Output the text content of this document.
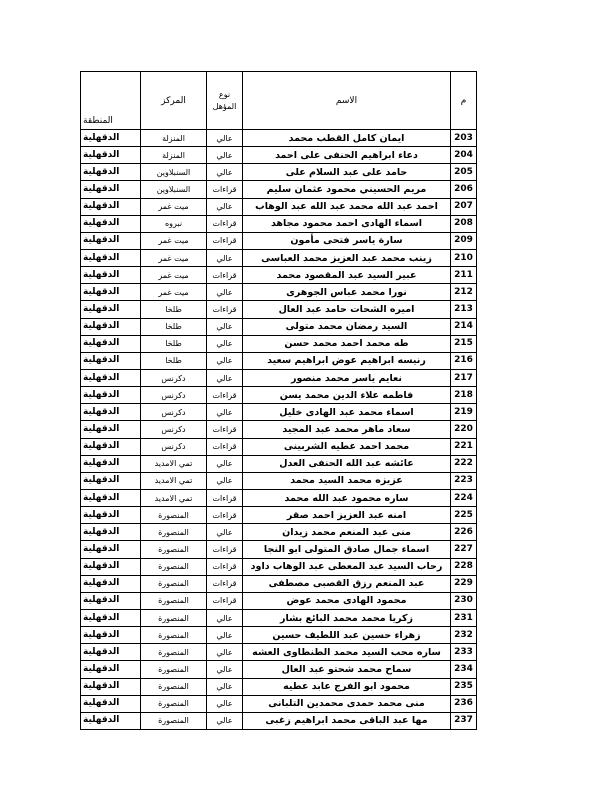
المنطقة	المركز	نوع المؤهل	الاسم	م
الدقهلية	المنزلة	عالي	ايمان كامل القطب محمد	203
الدقهلية	المنزلة	عالي	دعاء ابراهيم الحنفى على احمد	204
الدقهلية	السنبلاوين	عالي	حامد على عبد السلام على	205
الدقهلية	السنبلاوين	قراءات	مريم الحسيني محمود عثمان سليم	206
الدقهلية	ميت غمر	عالي	احمد عبد الله محمد عبد الله عبد الوهاب	207
الدقهلية	نبروه	قراءات	اسماء الهادى احمد محمود مجاهد	208
الدقهلية	ميت غمر	قراءات	سارة ياسر فتحى مأمون	209
الدقهلية	ميت غمر	عالي	زينب محمد عبد العزيز محمد العباسى	210
الدقهلية	ميت غمر	قراءات	عبير السيد عبد المقصود محمد	211
الدقهلية	ميت غمر	عالي	نورا محمد عباس الجوهرى	212
الدقهلية	طلخا	قراءات	اميره الشحات حامد عبد العال	213
الدقهلية	طلخا	عالي	السيد رمضان محمد متولى	214
الدقهلية	طلخا	عالي	طه محمد احمد محمد حسن	215
الدقهلية	طلخا	عالي	رنيسه ابراهيم عوض ابراهيم سعيد	216
الدقهلية	دكرنس	عالي	نعايم ياسر محمد منصور	217
الدقهلية	دكرنس	قراءات	فاطمه علاء الدين محمد يسن	218
الدقهلية	دكرنس	عالي	اسماء محمد عبد الهادى خليل	219
الدقهلية	دكرنس	قراءات	سعاد ماهر محمد عبد المجيد	220
الدقهلية	دكرنس	قراءات	محمد احمد عطيه الشربينى	221
الدقهلية	تمي الامديد	عالي	عائشه عبد الله الحنفى العدل	222
الدقهلية	تمي الامديد	عالي	عزيزه محمد السيد محمد	223
الدقهلية	تمي الامديد	قراءات	ساره محمود عبد الله محمد	224
الدقهلية	المنصورة	قراءات	امنه عبد العزيز احمد صقر	225
الدقهلية	المنصورة	عالي	منى عبد المنعم محمد زيدان	226
الدقهلية	المنصورة	قراءات	اسماء جمال صادق المتولى ابو النجا	227
الدقهلية	المنصورة	قراءات	رحاب السيد عبد المعطى عبد الوهاب داود	228
الدقهلية	المنصورة	قراءات	عبد المنعم رزق القصبى مصطفى	229
الدقهلية	المنصورة	قراءات	محمود الهادى محمد عوض	230
الدقهلية	المنصورة	عالي	زكريا محمد محمد البائع بشار	231
الدقهلية	المنصورة	عالي	زهراء حسين عبد اللطيف حسين	232
الدقهلية	المنصورة	عالي	ساره محب السيد محمد الطنطاوى العشه	233
الدقهلية	المنصورة	عالي	سماح محمد شحتو عبد العال	234
الدقهلية	المنصورة	عالي	محمود ابو الفرج عابد عطيه	235
الدقهلية	المنصورة	عالي	منى محمد حمدى محمدين التلبانى	236
الدقهلية	المنصورة	عالي	مها عبد الباقى محمد ابراهيم زغبى	237
